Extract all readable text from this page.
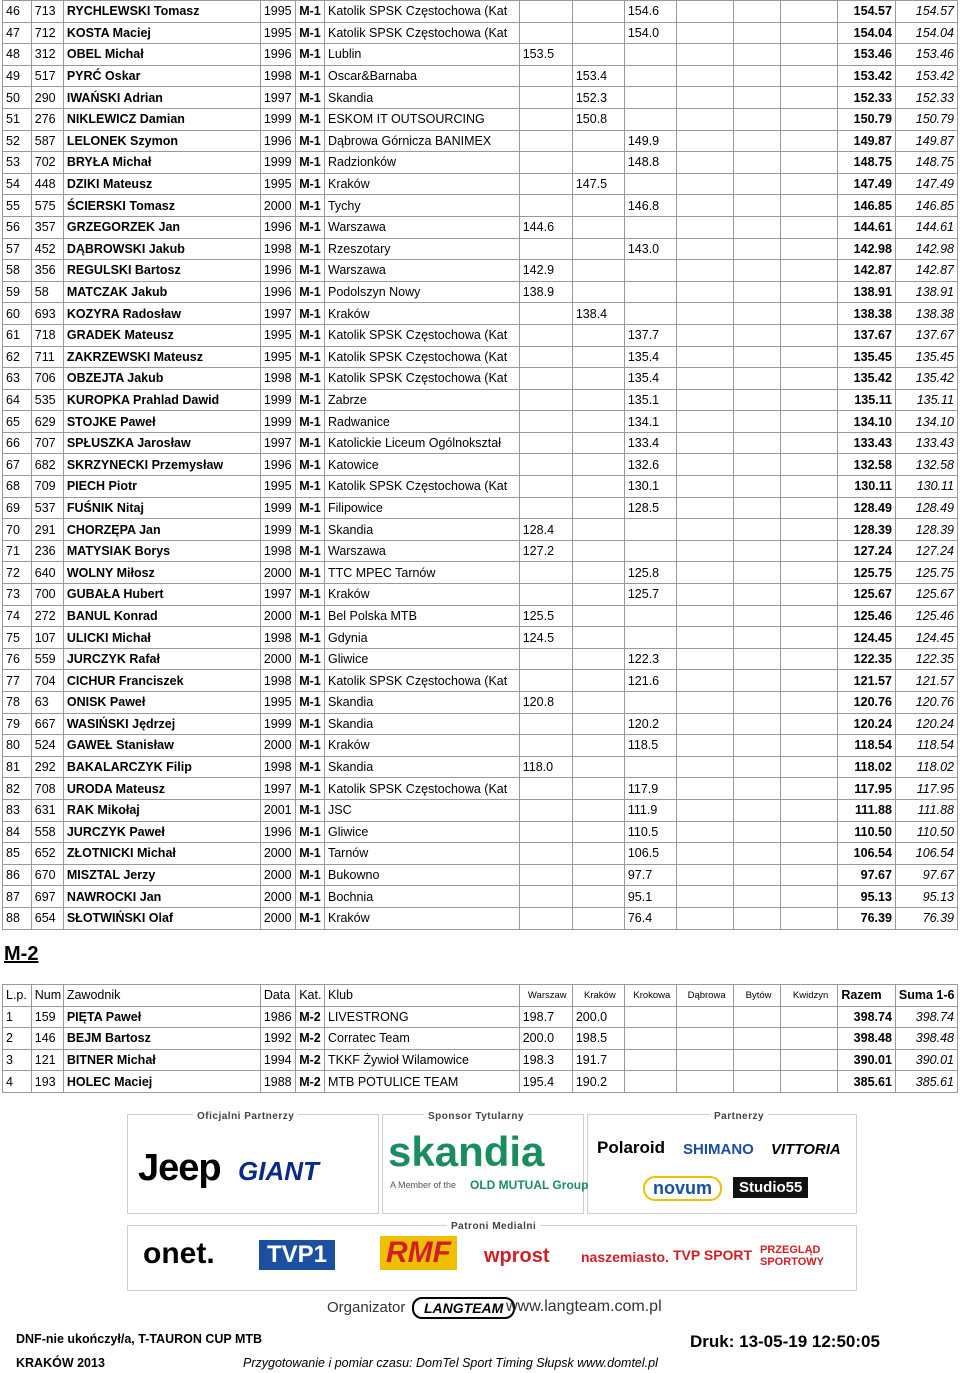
46	713	RYCHLEWSKI Tomasz	1995	M-1	Katolik SPSK Częstochowa (Kat			154.6				154.57	154.57
47	712	KOSTA Maciej	1995	M-1	Katolik SPSK Częstochowa (Kat			154.0				154.04	154.04
48	312	OBEL Michał	1996	M-1	Lublin	153.5						153.46	153.46
49	517	PYRĆ Oskar	1998	M-1	Oscar&Barnaba		153.4					153.42	153.42
50	290	IWAŃSKI Adrian	1997	M-1	Skandia		152.3					152.33	152.33
51	276	NIKLEWICZ Damian	1999	M-1	ESKOM IT OUTSOURCING		150.8					150.79	150.79
52	587	LELONEK Szymon	1996	M-1	Dąbrowa Górnicza BANIMEX			149.9				149.87	149.87
53	702	BRYŁA Michał	1999	M-1	Radzionków			148.8				148.75	148.75
54	448	DZIKI Mateusz	1995	M-1	Kraków		147.5					147.49	147.49
55	575	ŚCIERSKI Tomasz	2000	M-1	Tychy			146.8				146.85	146.85
56	357	GRZEGORZEK Jan	1996	M-1	Warszawa	144.6						144.61	144.61
57	452	DĄBROWSKI Jakub	1998	M-1	Rzeszotary			143.0				142.98	142.98
58	356	REGULSKI Bartosz	1996	M-1	Warszawa	142.9						142.87	142.87
59	58	MATCZAK Jakub	1996	M-1	Podolszyn Nowy	138.9						138.91	138.91
60	693	KOZYRA Radosław	1997	M-1	Kraków		138.4					138.38	138.38
61	718	GRADEK Mateusz	1995	M-1	Katolik SPSK Częstochowa (Kat			137.7				137.67	137.67
62	711	ZAKRZEWSKI Mateusz	1995	M-1	Katolik SPSK Częstochowa (Kat			135.4				135.45	135.45
63	706	OBZEJTA Jakub	1998	M-1	Katolik SPSK Częstochowa (Kat			135.4				135.42	135.42
64	535	KUROPKA Prahlad Dawid	1999	M-1	Zabrze			135.1				135.11	135.11
65	629	STOJKE Paweł	1999	M-1	Radwanice			134.1				134.10	134.10
66	707	SPŁUSZKA Jarosław	1997	M-1	Katolickie Liceum Ogólnokształ			133.4				133.43	133.43
67	682	SKRZYNECKI Przemysław	1996	M-1	Katowice			132.6				132.58	132.58
68	709	PIECH Piotr	1995	M-1	Katolik SPSK Częstochowa (Kat			130.1				130.11	130.11
69	537	FUŚNIK Nitaj	1999	M-1	Filipowice			128.5				128.49	128.49
70	291	CHORZĘPA Jan	1999	M-1	Skandia	128.4						128.39	128.39
71	236	MATYSIAK Borys	1998	M-1	Warszawa	127.2						127.24	127.24
72	640	WOLNY Miłosz	2000	M-1	TTC MPEC Tarnów			125.8				125.75	125.75
73	700	GUBAŁA Hubert	1997	M-1	Kraków			125.7				125.67	125.67
74	272	BANUL Konrad	2000	M-1	Bel Polska MTB	125.5						125.46	125.46
75	107	ULICKI Michał	1998	M-1	Gdynia	124.5						124.45	124.45
76	559	JURCZYK Rafał	2000	M-1	Gliwice			122.3				122.35	122.35
77	704	CICHUR Franciszek	1998	M-1	Katolik SPSK Częstochowa (Kat			121.6				121.57	121.57
78	63	ONISK Paweł	1995	M-1	Skandia	120.8						120.76	120.76
79	667	WASIŃSKI Jędrzej	1999	M-1	Skandia			120.2				120.24	120.24
80	524	GAWEŁ Stanisław	2000	M-1	Kraków			118.5				118.54	118.54
81	292	BAKALARCZYK Filip	1998	M-1	Skandia	118.0						118.02	118.02
82	708	URODA Mateusz	1997	M-1	Katolik SPSK Częstochowa (Kat			117.9				117.95	117.95
83	631	RAK Mikołaj	2001	M-1	JSC			111.9				111.88	111.88
84	558	JURCZYK Paweł	1996	M-1	Gliwice			110.5				110.50	110.50
85	652	ZŁOTNICKI Michał	2000	M-1	Tarnów			106.5				106.54	106.54
86	670	MISZTAL Jerzy	2000	M-1	Bukowno			97.7				97.67	97.67
87	697	NAWROCKI Jan	2000	M-1	Bochnia			95.1				95.13	95.13
88	654	SŁOTWIŃSKI Olaf	2000	M-1	Kraków			76.4				76.39	76.39
M-2
L.p.	Num	Zawodnik	Data	Kat.	Klub	Warszaw	Kraków	Krokowa	Dąbrowa	Bytów	Kwidzyn	Razem	Suma 1-6
1	159	PIĘTA Paweł	1986	M-2	LIVESTRONG	198.7	200.0					398.74	398.74
2	146	BEJM Bartosz	1992	M-2	Corratec Team	200.0	198.5					398.48	398.48
3	121	BITNER Michał	1994	M-2	TKKF Żywioł Wilamowice	198.3	191.7					390.01	390.01
4	193	HOLEC Maciej	1988	M-2	MTB POTULICE TEAM	195.4	190.2					385.61	385.61
Oficjalni Partnerzy	Sponsor Tytularny	Partnerzy
Patroni Medialni
Jeep GIANT skandia
A Member of the OLD MUTUAL Group
Polaroid SHIMANO VITTORIA
novum	Studio55
onet.	TVP1 RMF	wprost naszemiasto. TVP SPORT PRZEGLĄD SPORTOWY
Organizator	LANGTEAM www.langteam.com.pl
DNF-nie ukończył/a, T-TAURON CUP MTB
KRAKÓW 2013
Druk: 13-05-19 12:50:05
Przygotowanie i pomiar czasu: DomTel Sport Timing Słupsk www.domtel.pl
